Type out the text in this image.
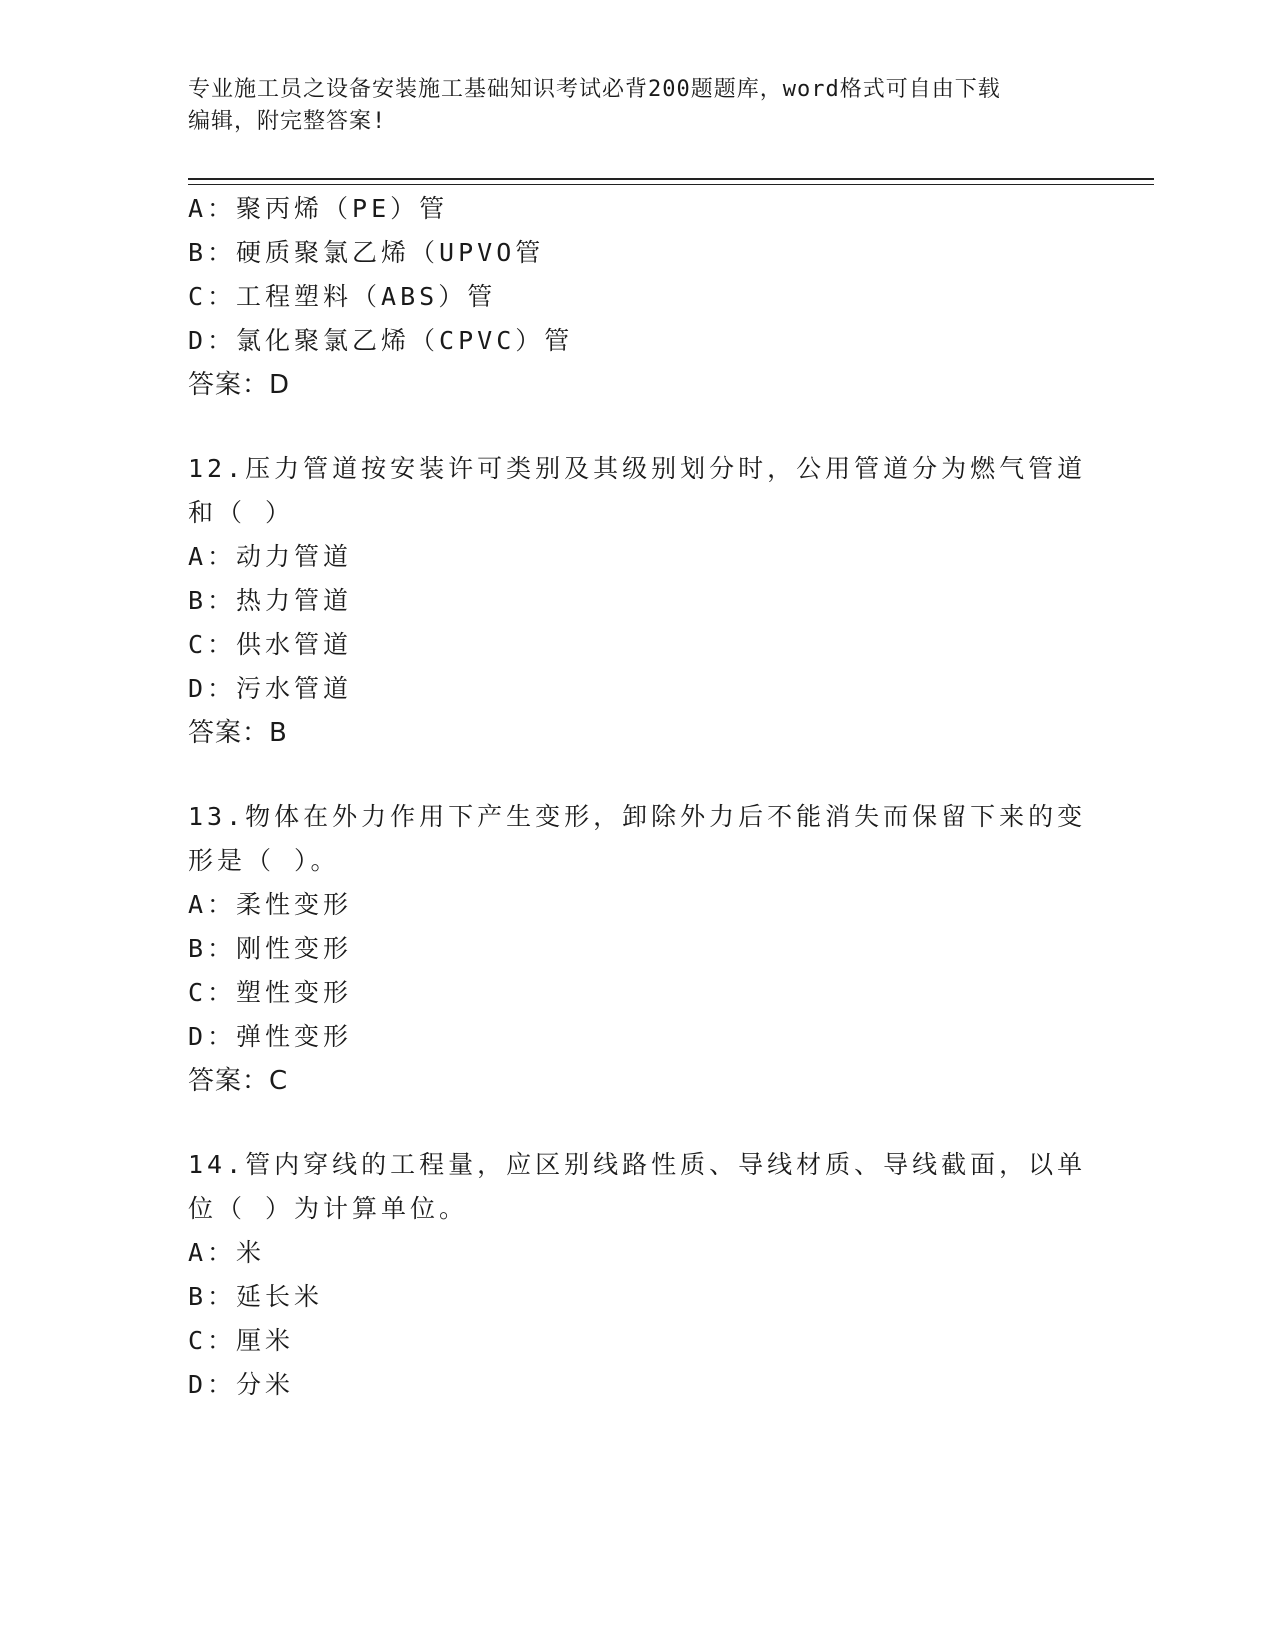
专业施工员之设备安装施工基础知识考试必背200题题库，word格式可自由下载
编辑，附完整答案!
A：聚丙烯（PE）管
B：硬质聚氯乙烯（UPVO管
C：工程塑料（ABS）管
D：氯化聚氯乙烯（CPVC）管
答案：D
12.压力管道按安装许可类别及其级别划分时，公用管道分为燃气管道
和（ ）
A：动力管道
B：热力管道
C：供水管道
D：污水管道
答案：B
13.物体在外力作用下产生变形，卸除外力后不能消失而保留下来的变
形是（ ）。
A：柔性变形
B：刚性变形
C：塑性变形
D：弹性变形
答案：C
14.管内穿线的工程量，应区别线路性质、导线材质、导线截面，以单
位（ ）为计算单位。
A：米
B：延长米
C：厘米
D：分米
